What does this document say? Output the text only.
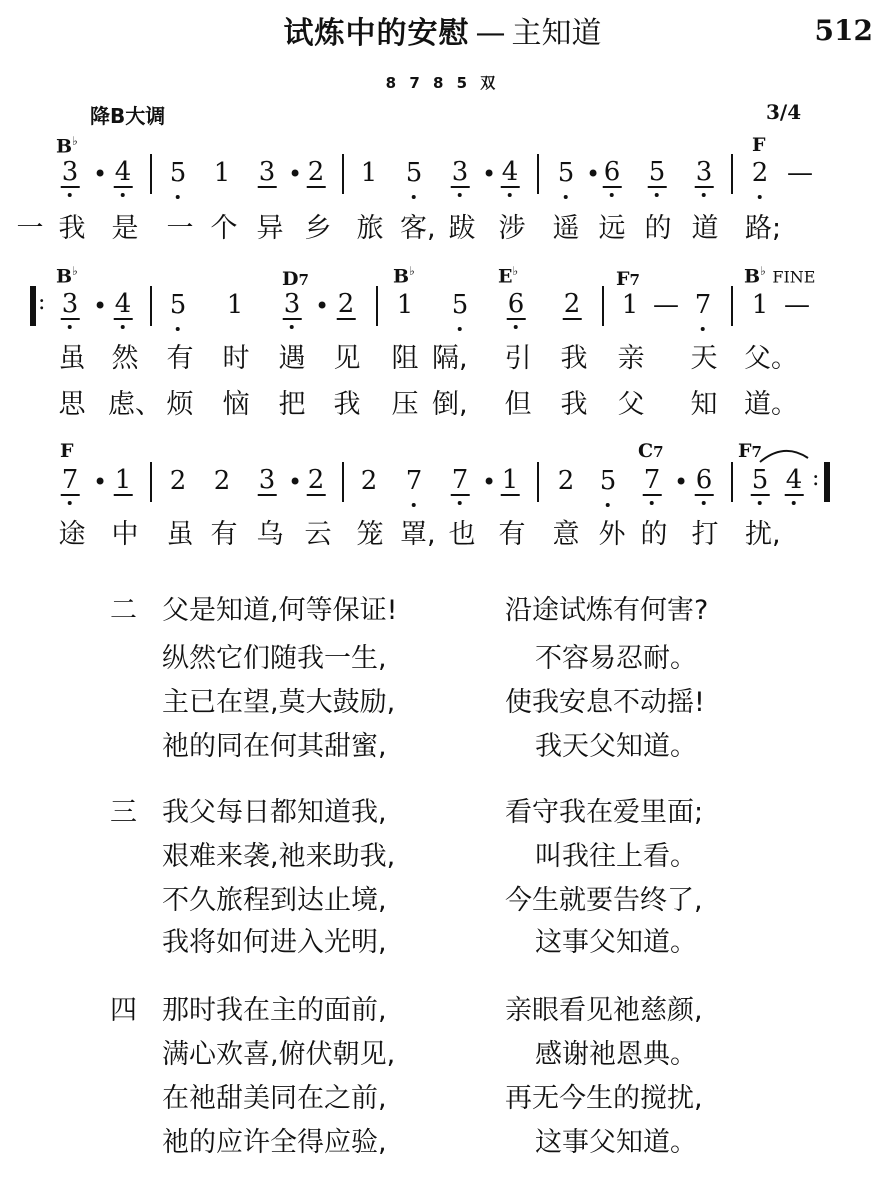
试炼中的安慰 — 主知道	512
8 7 8 5 双
降B大调	3/4
B♭	F
3 • 4 5 1 3 • 2 1 5 3 • 4 5 • 6 5 3 2 —
一 我 是 一 个 异 乡 旅 客, 跋 涉 遥 远 的 道 路;
B♭	D7	B♭	E♭	F7	B♭ FINE
: 3 • 4 5 1 3 • 2 1 5 6 2 1 — 7 1 —
虽 然 有 时 遇 见 阻 隔, 引 我 亲 天 父。
思 虑、 烦 恼 把 我 压 倒, 但 我 父 知 道。
F	C7	F7
7 • 1 2 2 3 • 2 2 7 7 • 1 2 5 7 • 6 5 4 :
途 中 虽 有 乌 云 笼 罩, 也 有 意 外 的 打 扰,
二 父是知道,何等保证!	沿途试炼有何害?
纵然它们随我一生,	不容易忍耐。
主已在望,莫大鼓励,	使我安息不动摇!
祂的同在何其甜蜜,	我天父知道。
三 我父每日都知道我,	看守我在爱里面;
艰难来袭,祂来助我,	叫我往上看。
不久旅程到达止境,	今生就要告终了,
我将如何进入光明,	这事父知道。
四 那时我在主的面前,	亲眼看见祂慈颜,
满心欢喜,俯伏朝见,	感谢祂恩典。
在祂甜美同在之前,	再无今生的搅扰,
祂的应许全得应验,	这事父知道。
